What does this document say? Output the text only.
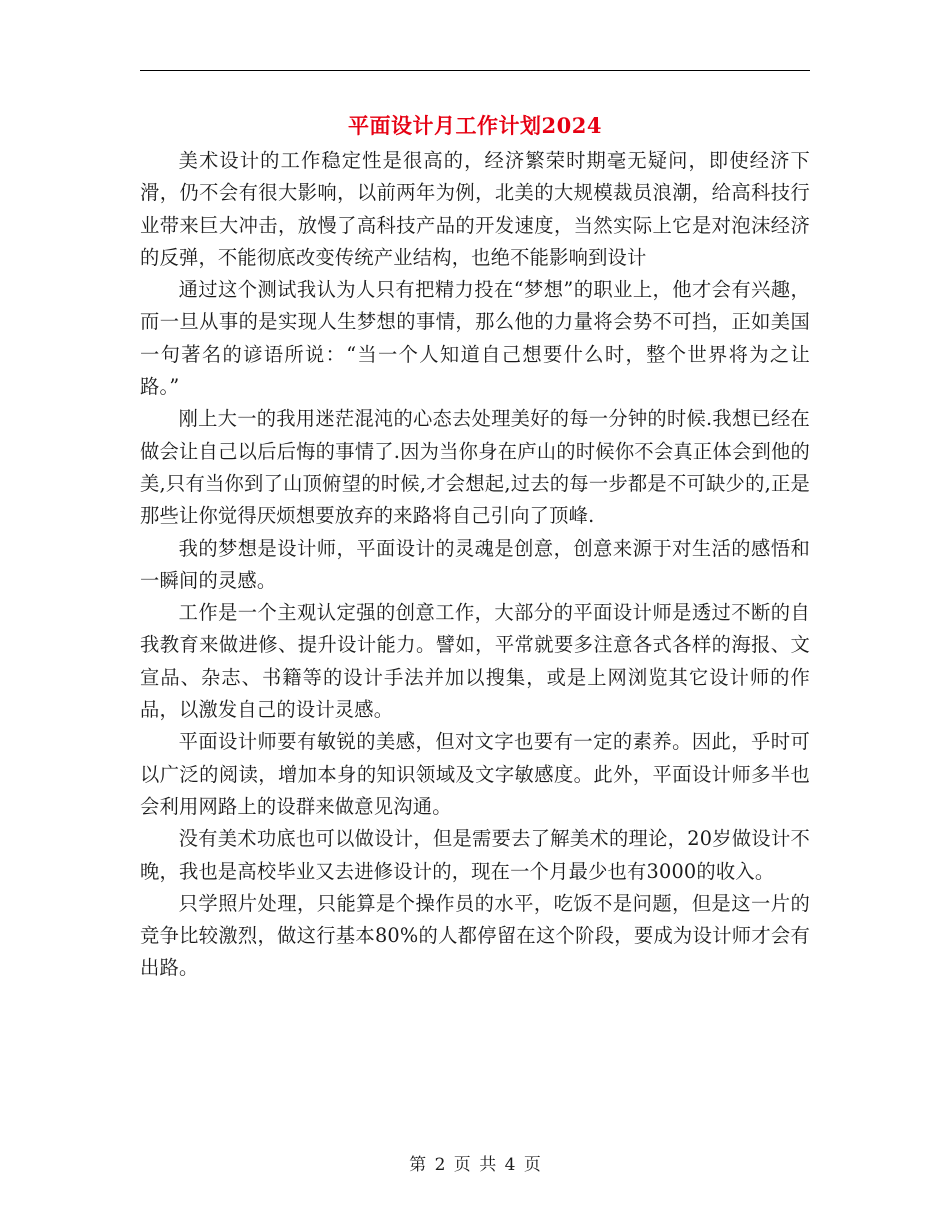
平面设计月工作计划2024

美术设计的工作稳定性是很高的，经济繁荣时期毫无疑问，即使经济下滑，仍不会有很大影响，以前两年为例，北美的大规模裁员浪潮，给高科技行业带来巨大冲击，放慢了高科技产品的开发速度，当然实际上它是对泡沫经济的反弹，不能彻底改变传统产业结构，也绝不能影响到设计

通过这个测试我认为人只有把精力投在“梦想”的职业上，他才会有兴趣，而一旦从事的是实现人生梦想的事情，那么他的力量将会势不可挡，正如美国一句著名的谚语所说：“当一个人知道自己想要什么时，整个世界将为之让路。”

刚上大一的我用迷茫混沌的心态去处理美好的每一分钟的时候.我想已经在做会让自己以后后悔的事情了.因为当你身在庐山的时候你不会真正体会到他的美,只有当你到了山顶俯望的时候,才会想起,过去的每一步都是不可缺少的,正是那些让你觉得厌烦想要放弃的来路将自己引向了顶峰.

我的梦想是设计师，平面设计的灵魂是创意，创意来源于对生活的感悟和一瞬间的灵感。

工作是一个主观认定强的创意工作，大部分的平面设计师是透过不断的自我教育来做进修、提升设计能力。譬如，平常就要多注意各式各样的海报、文宣品、杂志、书籍等的设计手法并加以搜集，或是上网浏览其它设计师的作品，以激发自己的设计灵感。

平面设计师要有敏锐的美感，但对文字也要有一定的素养。因此，乎时可以广泛的阅读，增加本身的知识领域及文字敏感度。此外，平面设计师多半也会利用网路上的设群来做意见沟通。

没有美术功底也可以做设计，但是需要去了解美术的理论，20岁做设计不晚，我也是高校毕业又去进修设计的，现在一个月最少也有3000的收入。

只学照片处理，只能算是个操作员的水平，吃饭不是问题，但是这一片的竞争比较激烈，做这行基本80%的人都停留在这个阶段，要成为设计师才会有出路。

第 2 页 共 4 页
